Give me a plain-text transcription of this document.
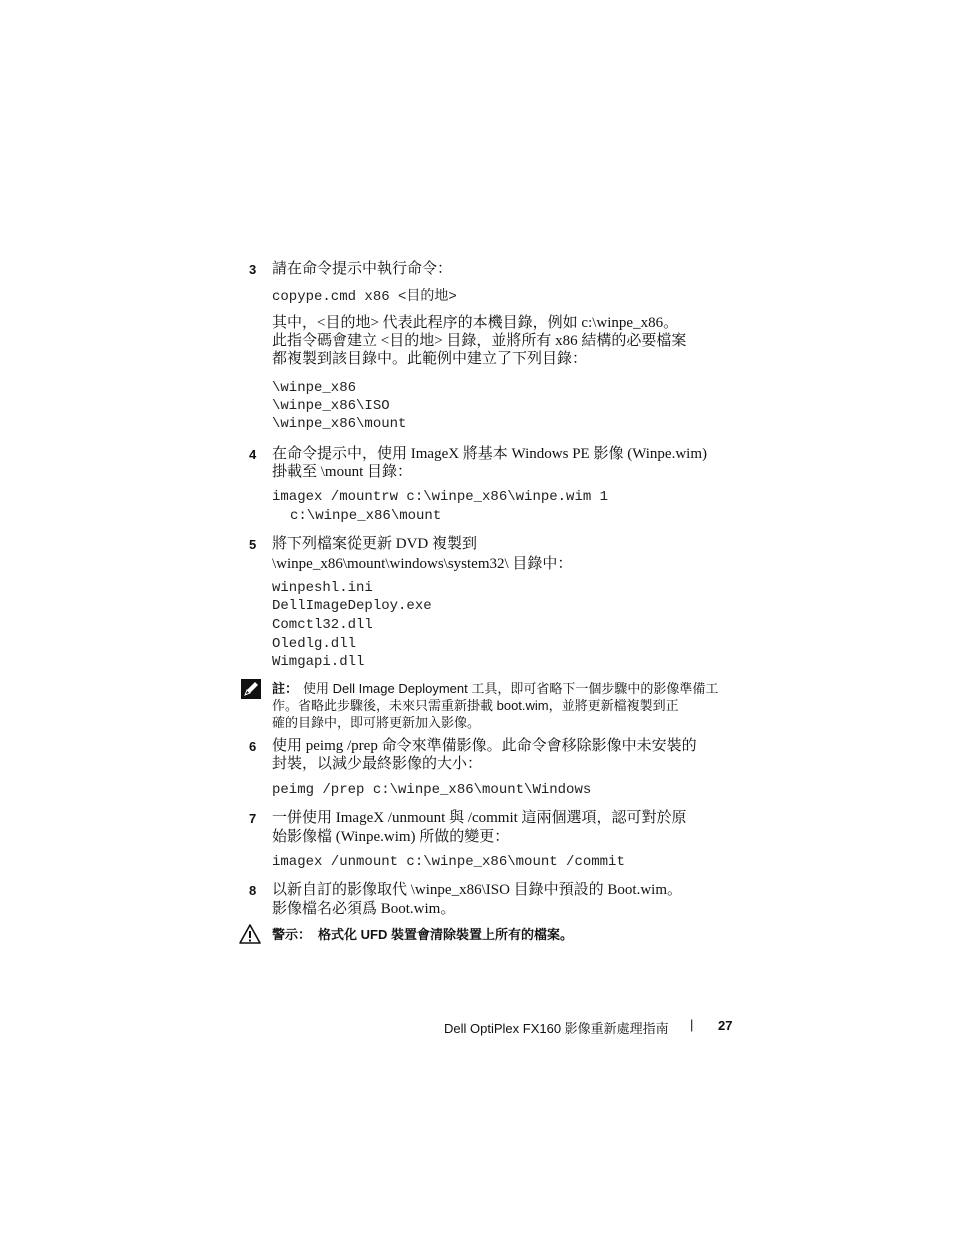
3 請在命令提示中執行命令：
copype.cmd x86 <目的地>
其中，<目的地> 代表此程序的本機目錄，例如 c:\winpe_x86。
此指令碼會建立 <目的地> 目錄，並將所有 x86 結構的必要檔案
都複製到該目錄中。此範例中建立了下列目錄：
\winpe_x86
\winpe_x86\ISO
\winpe_x86\mount
4 在命令提示中，使用 ImageX 將基本 Windows PE 影像 (Winpe.wim)
掛載至 \mount 目錄：
imagex /mountrw c:\winpe_x86\winpe.wim 1
c:\winpe_x86\mount
5 將下列檔案從更新 DVD 複製到
\winpe_x86\mount\windows\system32\ 目錄中：
winpeshl.ini
DellImageDeploy.exe
Comctl32.dll
Oledlg.dll
Wimgapi.dll
註： 使用 Dell Image Deployment 工具，即可省略下一個步驟中的影像準備工
作。省略此步驟後，未來只需重新掛載 boot.wim，並將更新檔複製到正
確的目錄中，即可將更新加入影像。
6 使用 peimg /prep 命令來準備影像。此命令會移除影像中未安裝的
封裝，以減少最終影像的大小：
peimg /prep c:\winpe_x86\mount\Windows
7 一併使用 ImageX /unmount 與 /commit 這兩個選項，認可對於原
始影像檔 (Winpe.wim) 所做的變更：
imagex /unmount c:\winpe_x86\mount /commit
8 以新自訂的影像取代 \winpe_x86\ISO 目錄中預設的 Boot.wim。
影像檔名必須爲 Boot.wim。
警示： 格式化 UFD 裝置會清除裝置上所有的檔案。
Dell OptiPlex FX160 影像重新處理指南 | 27
